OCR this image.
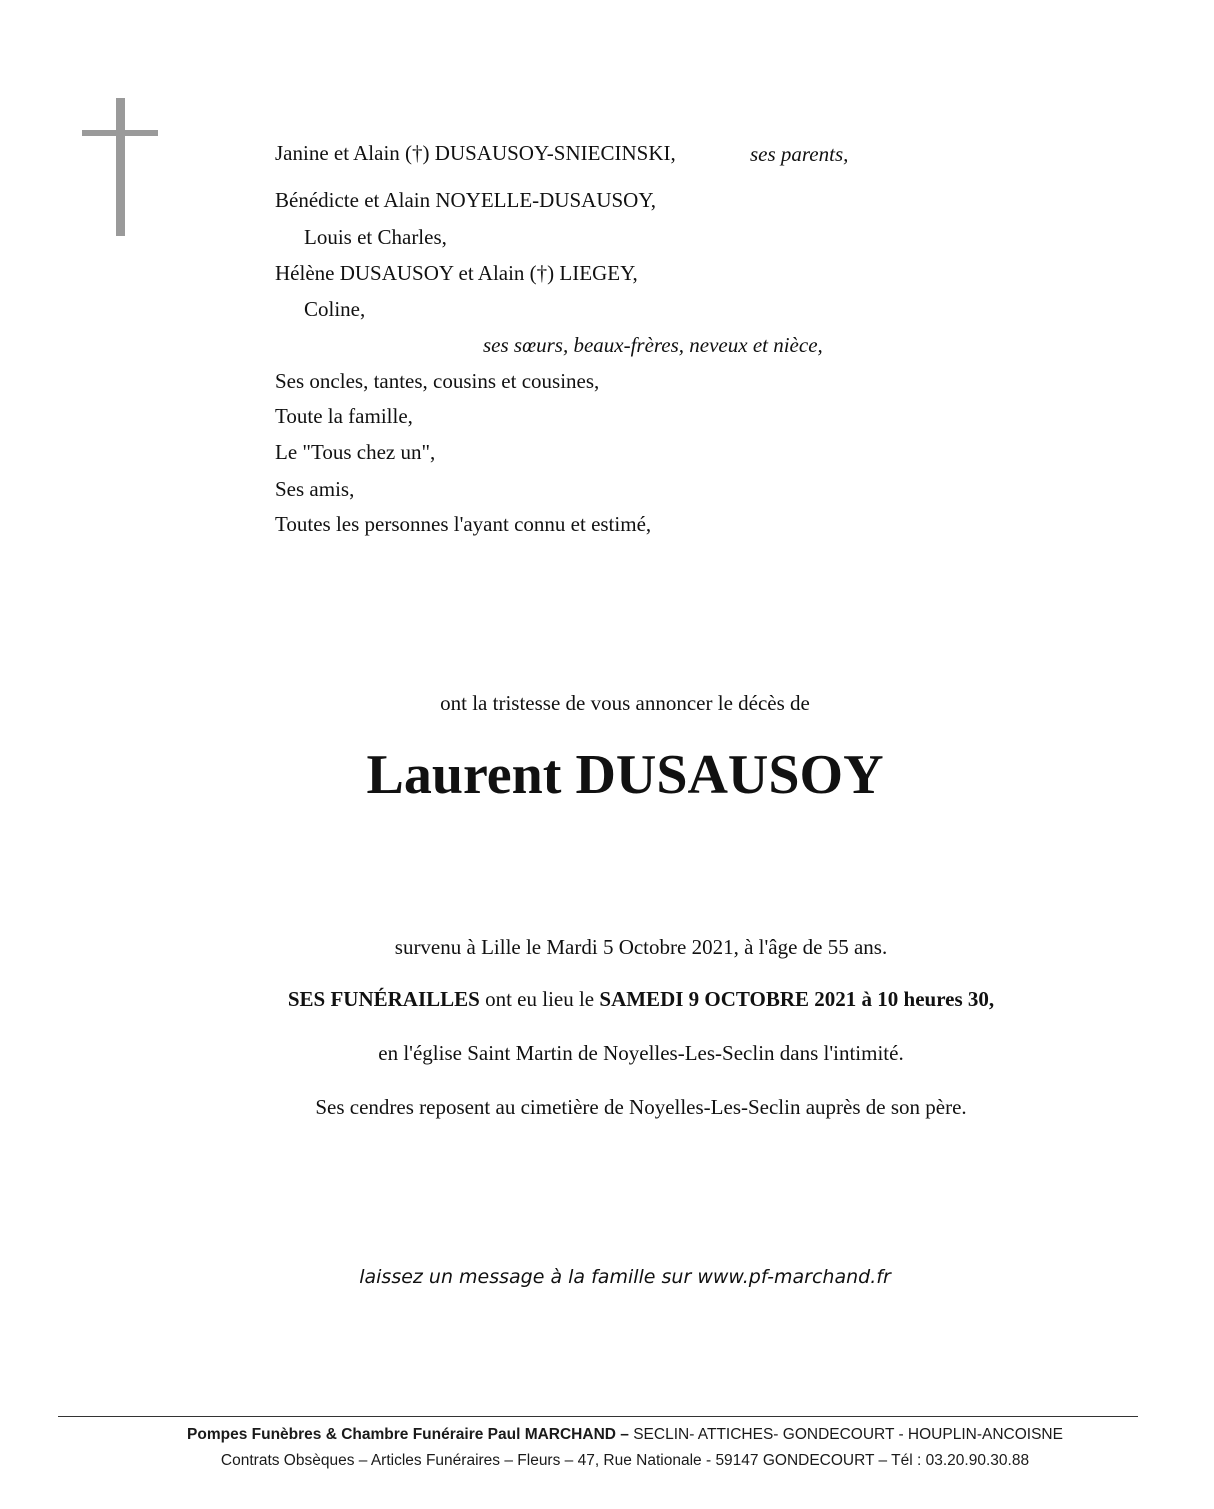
Janine et Alain (†) DUSAUSOY-SNIECINSKI,	ses parents,
Bénédicte et Alain NOYELLE-DUSAUSOY,
Louis et Charles,
Hélène DUSAUSOY et Alain (†) LIEGEY,
Coline,
ses sœurs, beaux-frères, neveux et nièce,
Ses oncles, tantes, cousins et cousines,
Toute la famille,
Le "Tous chez un",
Ses amis,
Toutes les personnes l'ayant connu et estimé,
ont la tristesse de vous annoncer le décès de
Laurent DUSAUSOY
survenu à Lille le Mardi 5 Octobre 2021, à l'âge de 55 ans.
SES FUNÉRAILLES ont eu lieu le SAMEDI 9 OCTOBRE 2021 à 10 heures 30,
en l'église Saint Martin de Noyelles-Les-Seclin dans l'intimité.
Ses cendres reposent au cimetière de Noyelles-Les-Seclin auprès de son père.
laissez un message à la famille sur www.pf-marchand.fr
Pompes Funèbres & Chambre Funéraire Paul MARCHAND – SECLIN- ATTICHES- GONDECOURT - HOUPLIN-ANCOISNE
Contrats Obsèques – Articles Funéraires – Fleurs – 47, Rue Nationale - 59147 GONDECOURT – Tél : 03.20.90.30.88
